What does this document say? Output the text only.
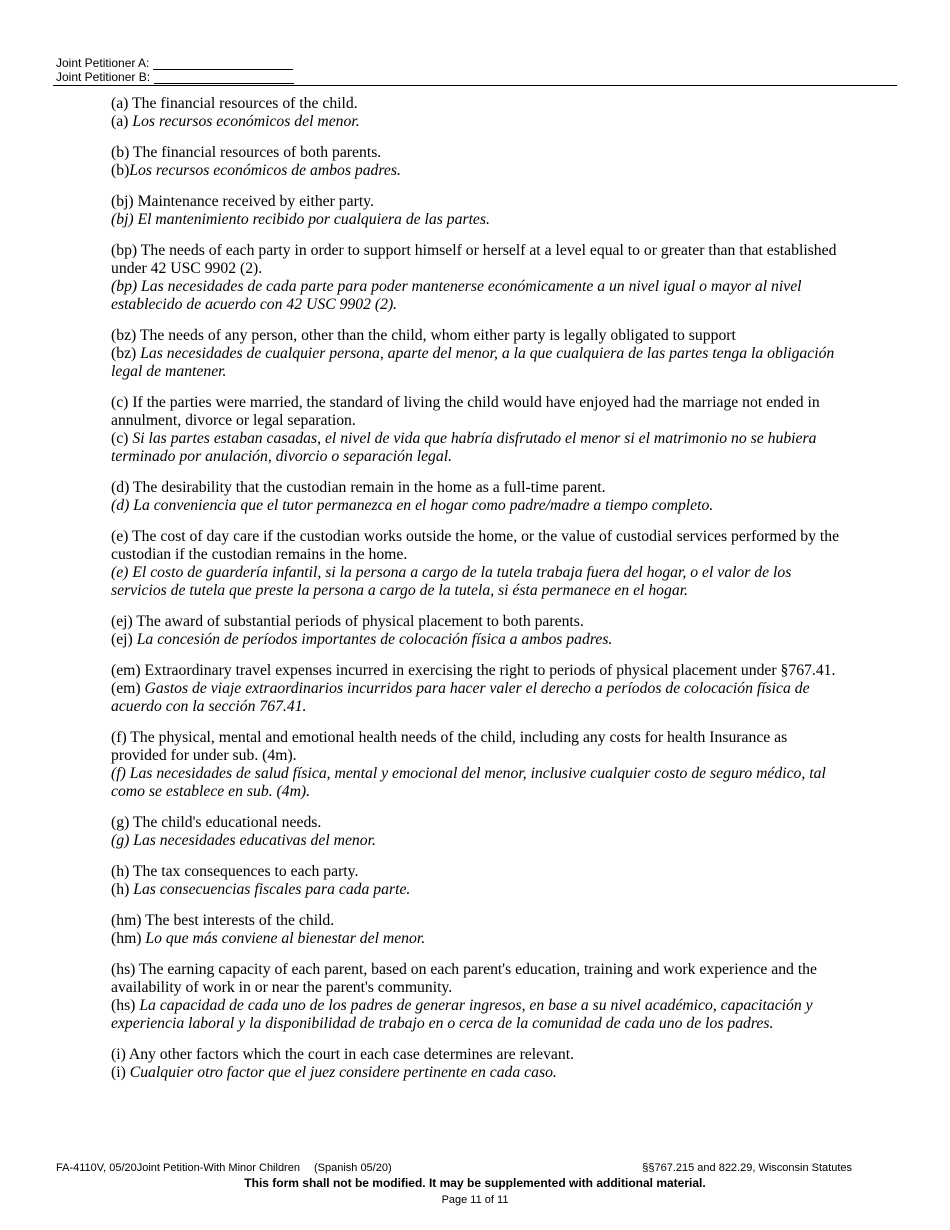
Joint Petitioner A:
Joint Petitioner B:

(a) The financial resources of the child.

(a) Los recursos económicos del menor.

(b) The financial resources of both parents.

(b)Los recursos económicos de ambos padres.

(bj) Maintenance received by either party.

(bj) El mantenimiento recibido por cualquiera de las partes.

(bp) The needs of each party in order to support himself or herself at a level equal to or greater than that established under 42 USC 9902 (2).

(bp) Las necesidades de cada parte para poder mantenerse económicamente a un nivel igual o mayor al nivel establecido de acuerdo con 42 USC 9902 (2).

(bz) The needs of any person, other than the child, whom either party is legally obligated to support

(bz) Las necesidades de cualquier persona, aparte del menor, a la que cualquiera de las partes tenga la obligación legal de mantener.

(c) If the parties were married, the standard of living the child would have enjoyed had the marriage not ended in annulment, divorce or legal separation.

(c) Si las partes estaban casadas, el nivel de vida que habría disfrutado el menor si el matrimonio no se hubiera terminado por anulación, divorcio o separación legal.

(d) The desirability that the custodian remain in the home as a full-time parent.

(d) La conveniencia que el tutor permanezca en el hogar como padre/madre a tiempo completo.

(e) The cost of day care if the custodian works outside the home, or the value of custodial services performed by the custodian if the custodian remains in the home.

(e) El costo de guardería infantil, si la persona a cargo de la tutela trabaja fuera del hogar, o el valor de los servicios de tutela que preste la persona a cargo de la tutela, si ésta permanece en el hogar.

(ej) The award of substantial periods of physical placement to both parents.

(ej) La concesión de períodos importantes de colocación física a ambos padres.

(em) Extraordinary travel expenses incurred in exercising the right to periods of physical placement under §767.41.

(em) Gastos de viaje extraordinarios incurridos para hacer valer el derecho a períodos de colocación física de acuerdo con la sección 767.41.

(f) The physical, mental and emotional health needs of the child, including any costs for health Insurance as provided for under sub. (4m).

(f) Las necesidades de salud física, mental y emocional del menor, inclusive cualquier costo de seguro médico, tal como se establece en sub. (4m).

(g) The child's educational needs.

(g) Las necesidades educativas del menor.

(h) The tax consequences to each party.

(h) Las consecuencias fiscales para cada parte.

(hm) The best interests of the child.

(hm) Lo que más conviene al bienestar del menor.

(hs) The earning capacity of each parent, based on each parent's education, training and work experience and the availability of work in or near the parent's community.

(hs) La capacidad de cada uno de los padres de generar ingresos, en base a su nivel académico, capacitación y experiencia laboral y la disponibilidad de trabajo en o cerca de la comunidad de cada uno de los padres.

(i) Any other factors which the court in each case determines are relevant.

(i) Cualquier otro factor que el juez considere pertinente en cada caso.

FA-4110V, 05/20Joint Petition-With Minor Children (Spanish 05/20)	§§767.215 and 822.29, Wisconsin Statutes
This form shall not be modified. It may be supplemented with additional material.
Page 11 of 11
